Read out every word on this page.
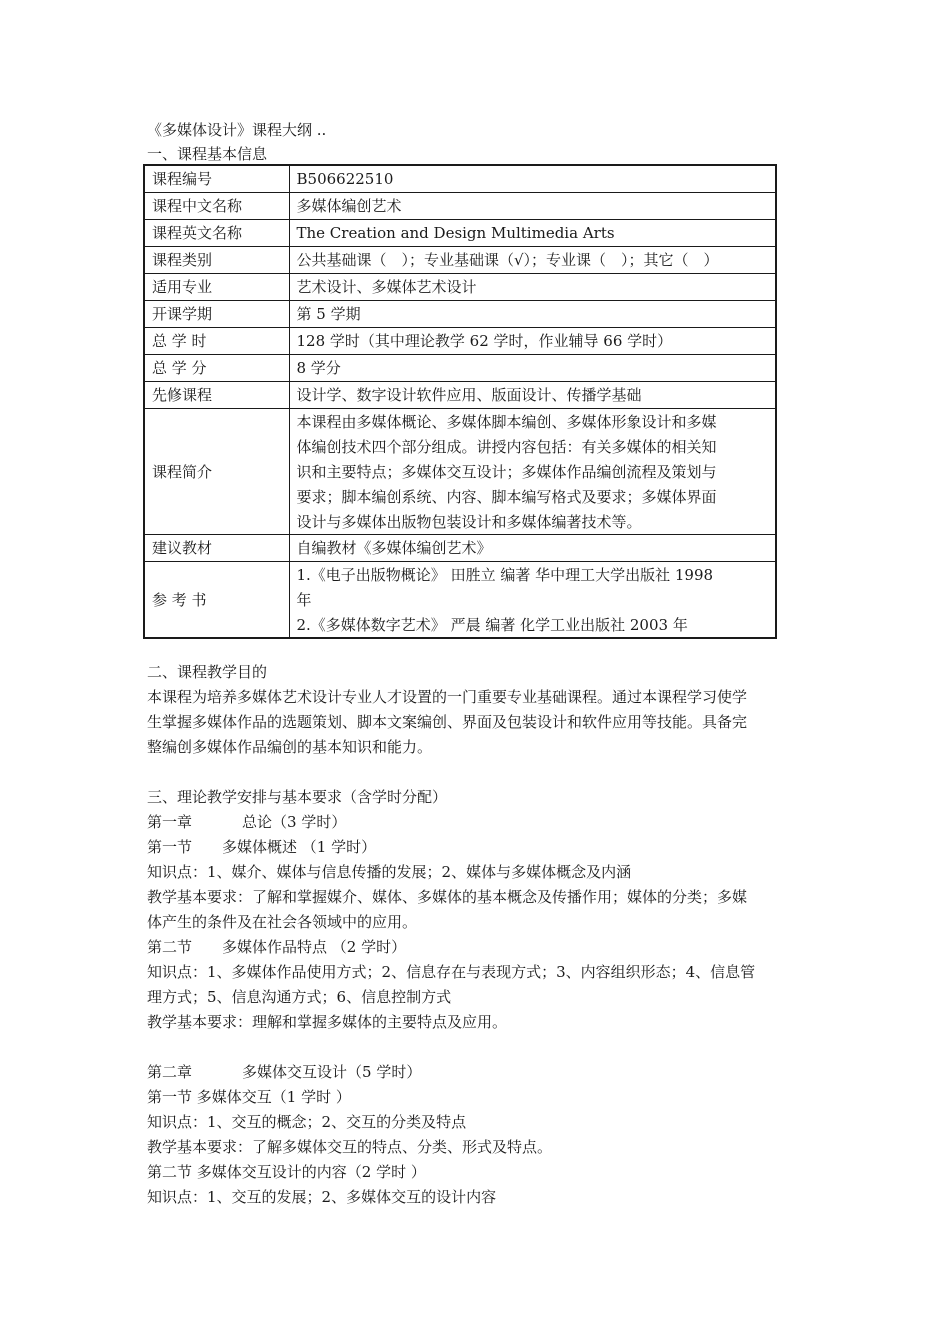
《多媒体设计》课程大纲 ..
一、课程基本信息
课程编号	B506622510
课程中文名称	多媒体编创艺术
课程英文名称	The Creation and Design Multimedia Arts
课程类别	公共基础课（　）；专业基础课（√）；专业课（　）；其它（　）
适用专业	艺术设计、多媒体艺术设计
开课学期	第 5 学期
总 学 时	128 学时（其中理论教学 62 学时，作业辅导 66 学时）
总 学 分	8 学分
先修课程	设计学、数字设计软件应用、版面设计、传播学基础
课程简介	本课程由多媒体概论、多媒体脚本编创、多媒体形象设计和多媒
体编创技术四个部分组成。讲授内容包括：有关多媒体的相关知
识和主要特点；多媒体交互设计；多媒体作品编创流程及策划与
要求；脚本编创系统、内容、脚本编写格式及要求；多媒体界面
设计与多媒体出版物包装设计和多媒体编著技术等。

建议教材	自编教材《多媒体编创艺术》
参 考 书	1.《电子出版物概论》 田胜立 编著 华中理工大学出版社 1998
年
2.《多媒体数字艺术》 严晨 编著 化学工业出版社 2003 年
二、课程教学目的
本课程为培养多媒体艺术设计专业人才设置的一门重要专业基础课程。通过本课程学习使学
生掌握多媒体作品的选题策划、脚本文案编创、界面及包装设计和软件应用等技能。具备完
整编创多媒体作品编创的基本知识和能力。
三、理论教学安排与基本要求（含学时分配）
第一章	总论（3 学时）
第一节 多媒体概述 （1 学时）
知识点：1、媒介、媒体与信息传播的发展；2、媒体与多媒体概念及内涵
教学基本要求：了解和掌握媒介、媒体、多媒体的基本概念及传播作用；媒体的分类；多媒
体产生的条件及在社会各领域中的应用。
第二节 多媒体作品特点 （2 学时）
知识点：1、多媒体作品使用方式；2、信息存在与表现方式；3、内容组织形态；4、信息管
理方式；5、信息沟通方式；6、信息控制方式
教学基本要求：理解和掌握多媒体的主要特点及应用。
第二章	多媒体交互设计（5 学时）
第一节 多媒体交互（1 学时 ）
知识点：1、交互的概念；2、交互的分类及特点
教学基本要求：了解多媒体交互的特点、分类、形式及特点。
第二节 多媒体交互设计的内容（2 学时 ）
知识点：1、交互的发展；2、多媒体交互的设计内容
